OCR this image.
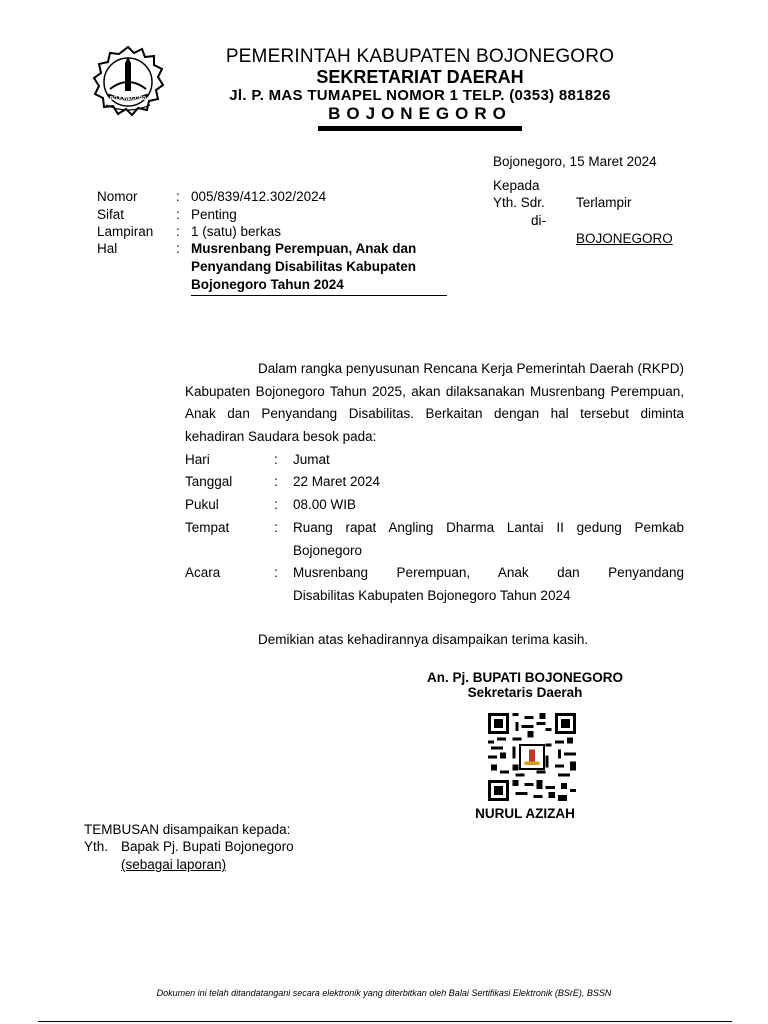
BOJONEGORO
PEMERINTAH KABUPATEN BOJONEGORO
SEKRETARIAT DAERAH
Jl. P. MAS TUMAPEL NOMOR 1 TELP. (0353) 881826
BOJONEGORO
Bojonegoro, 15 Maret 2024
Kepada
Yth. Sdr. Terlampir
di-
BOJONEGORO
Nomor	: 005/839/412.302/2024
Sifat	: Penting
Lampiran : 1 (satu) berkas
Hal	: Musrenbang Perempuan, Anak dan Penyandang Disabilitas Kabupaten Bojonegoro Tahun 2024
Dalam rangka penyusunan Rencana Kerja Pemerintah Daerah (RKPD) Kabupaten Bojonegoro Tahun 2025, akan dilaksanakan Musrenbang Perempuan, Anak dan Penyandang Disabilitas. Berkaitan dengan hal tersebut diminta kehadiran Saudara besok pada:
Hari	: Jumat
Tanggal	: 22 Maret 2024
Pukul	: 08.00 WIB
Tempat	: Ruang rapat Angling Dharma Lantai II gedung Pemkab
Bojonegoro
Acara	: Musrenbang Perempuan, Anak dan Penyandang
Disabilitas Kabupaten Bojonegoro Tahun 2024
Demikian atas kehadirannya disampaikan terima kasih.
An. Pj. BUPATI BOJONEGORO
Sekretaris Daerah
NURUL AZIZAH
TEMBUSAN disampaikan kepada:
Yth. Bapak Pj. Bupati Bojonegoro
(sebagai laporan)
Dokumen ini telah ditandatangani secara elektronik yang diterbitkan oleh Balai Sertifikasi Elektronik (BSrE), BSSN
